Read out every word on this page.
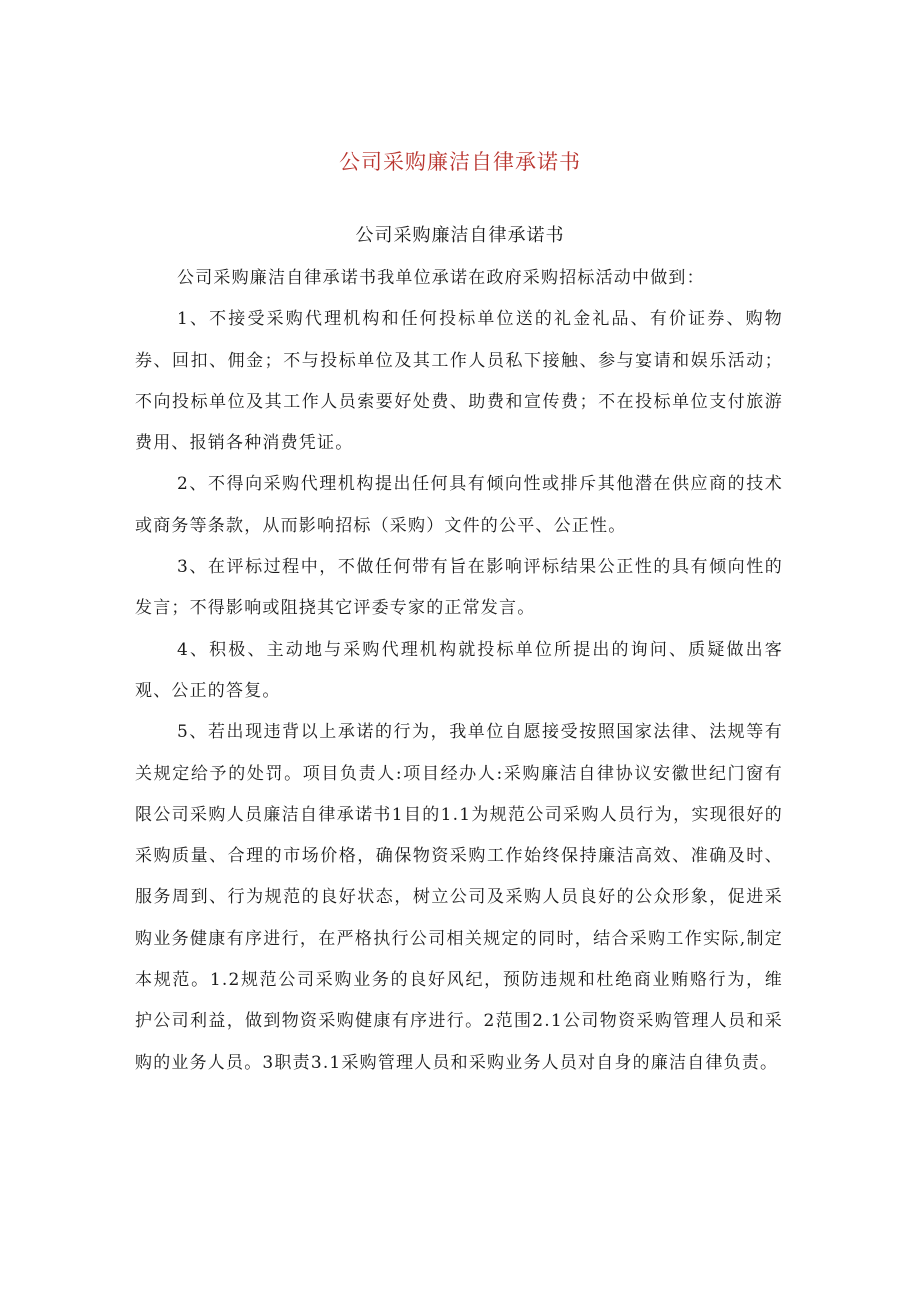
公司采购廉洁自律承诺书
公司采购廉洁自律承诺书

公司采购廉洁自律承诺书我单位承诺在政府采购招标活动中做到：

1、不接受采购代理机构和任何投标单位送的礼金礼品、有价证券、购物券、回扣、佣金；不与投标单位及其工作人员私下接触、参与宴请和娱乐活动；不向投标单位及其工作人员索要好处费、助费和宣传费；不在投标单位支付旅游费用、报销各种消费凭证。

2、不得向采购代理机构提出任何具有倾向性或排斥其他潜在供应商的技术或商务等条款，从而影响招标（采购）文件的公平、公正性。

3、在评标过程中，不做任何带有旨在影响评标结果公正性的具有倾向性的发言；不得影响或阻挠其它评委专家的正常发言。

4、积极、主动地与采购代理机构就投标单位所提出的询问、质疑做出客观、公正的答复。

5、若出现违背以上承诺的行为，我单位自愿接受按照国家法律、法规等有关规定给予的处罚。项目负责人:项目经办人:采购廉洁自律协议安徽世纪门窗有限公司采购人员廉洁自律承诺书1目的1.1为规范公司采购人员行为，实现很好的采购质量、合理的市场价格，确保物资采购工作始终保持廉洁高效、准确及时、服务周到、行为规范的良好状态，树立公司及采购人员良好的公众形象，促进采购业务健康有序进行，在严格执行公司相关规定的同时，结合采购工作实际,制定本规范。1.2规范公司采购业务的良好风纪，预防违规和杜绝商业贿赂行为，维护公司利益，做到物资采购健康有序进行。2范围2.1公司物资采购管理人员和采购的业务人员。3职责3.1采购管理人员和采购业务人员对自身的廉洁自律负责。
